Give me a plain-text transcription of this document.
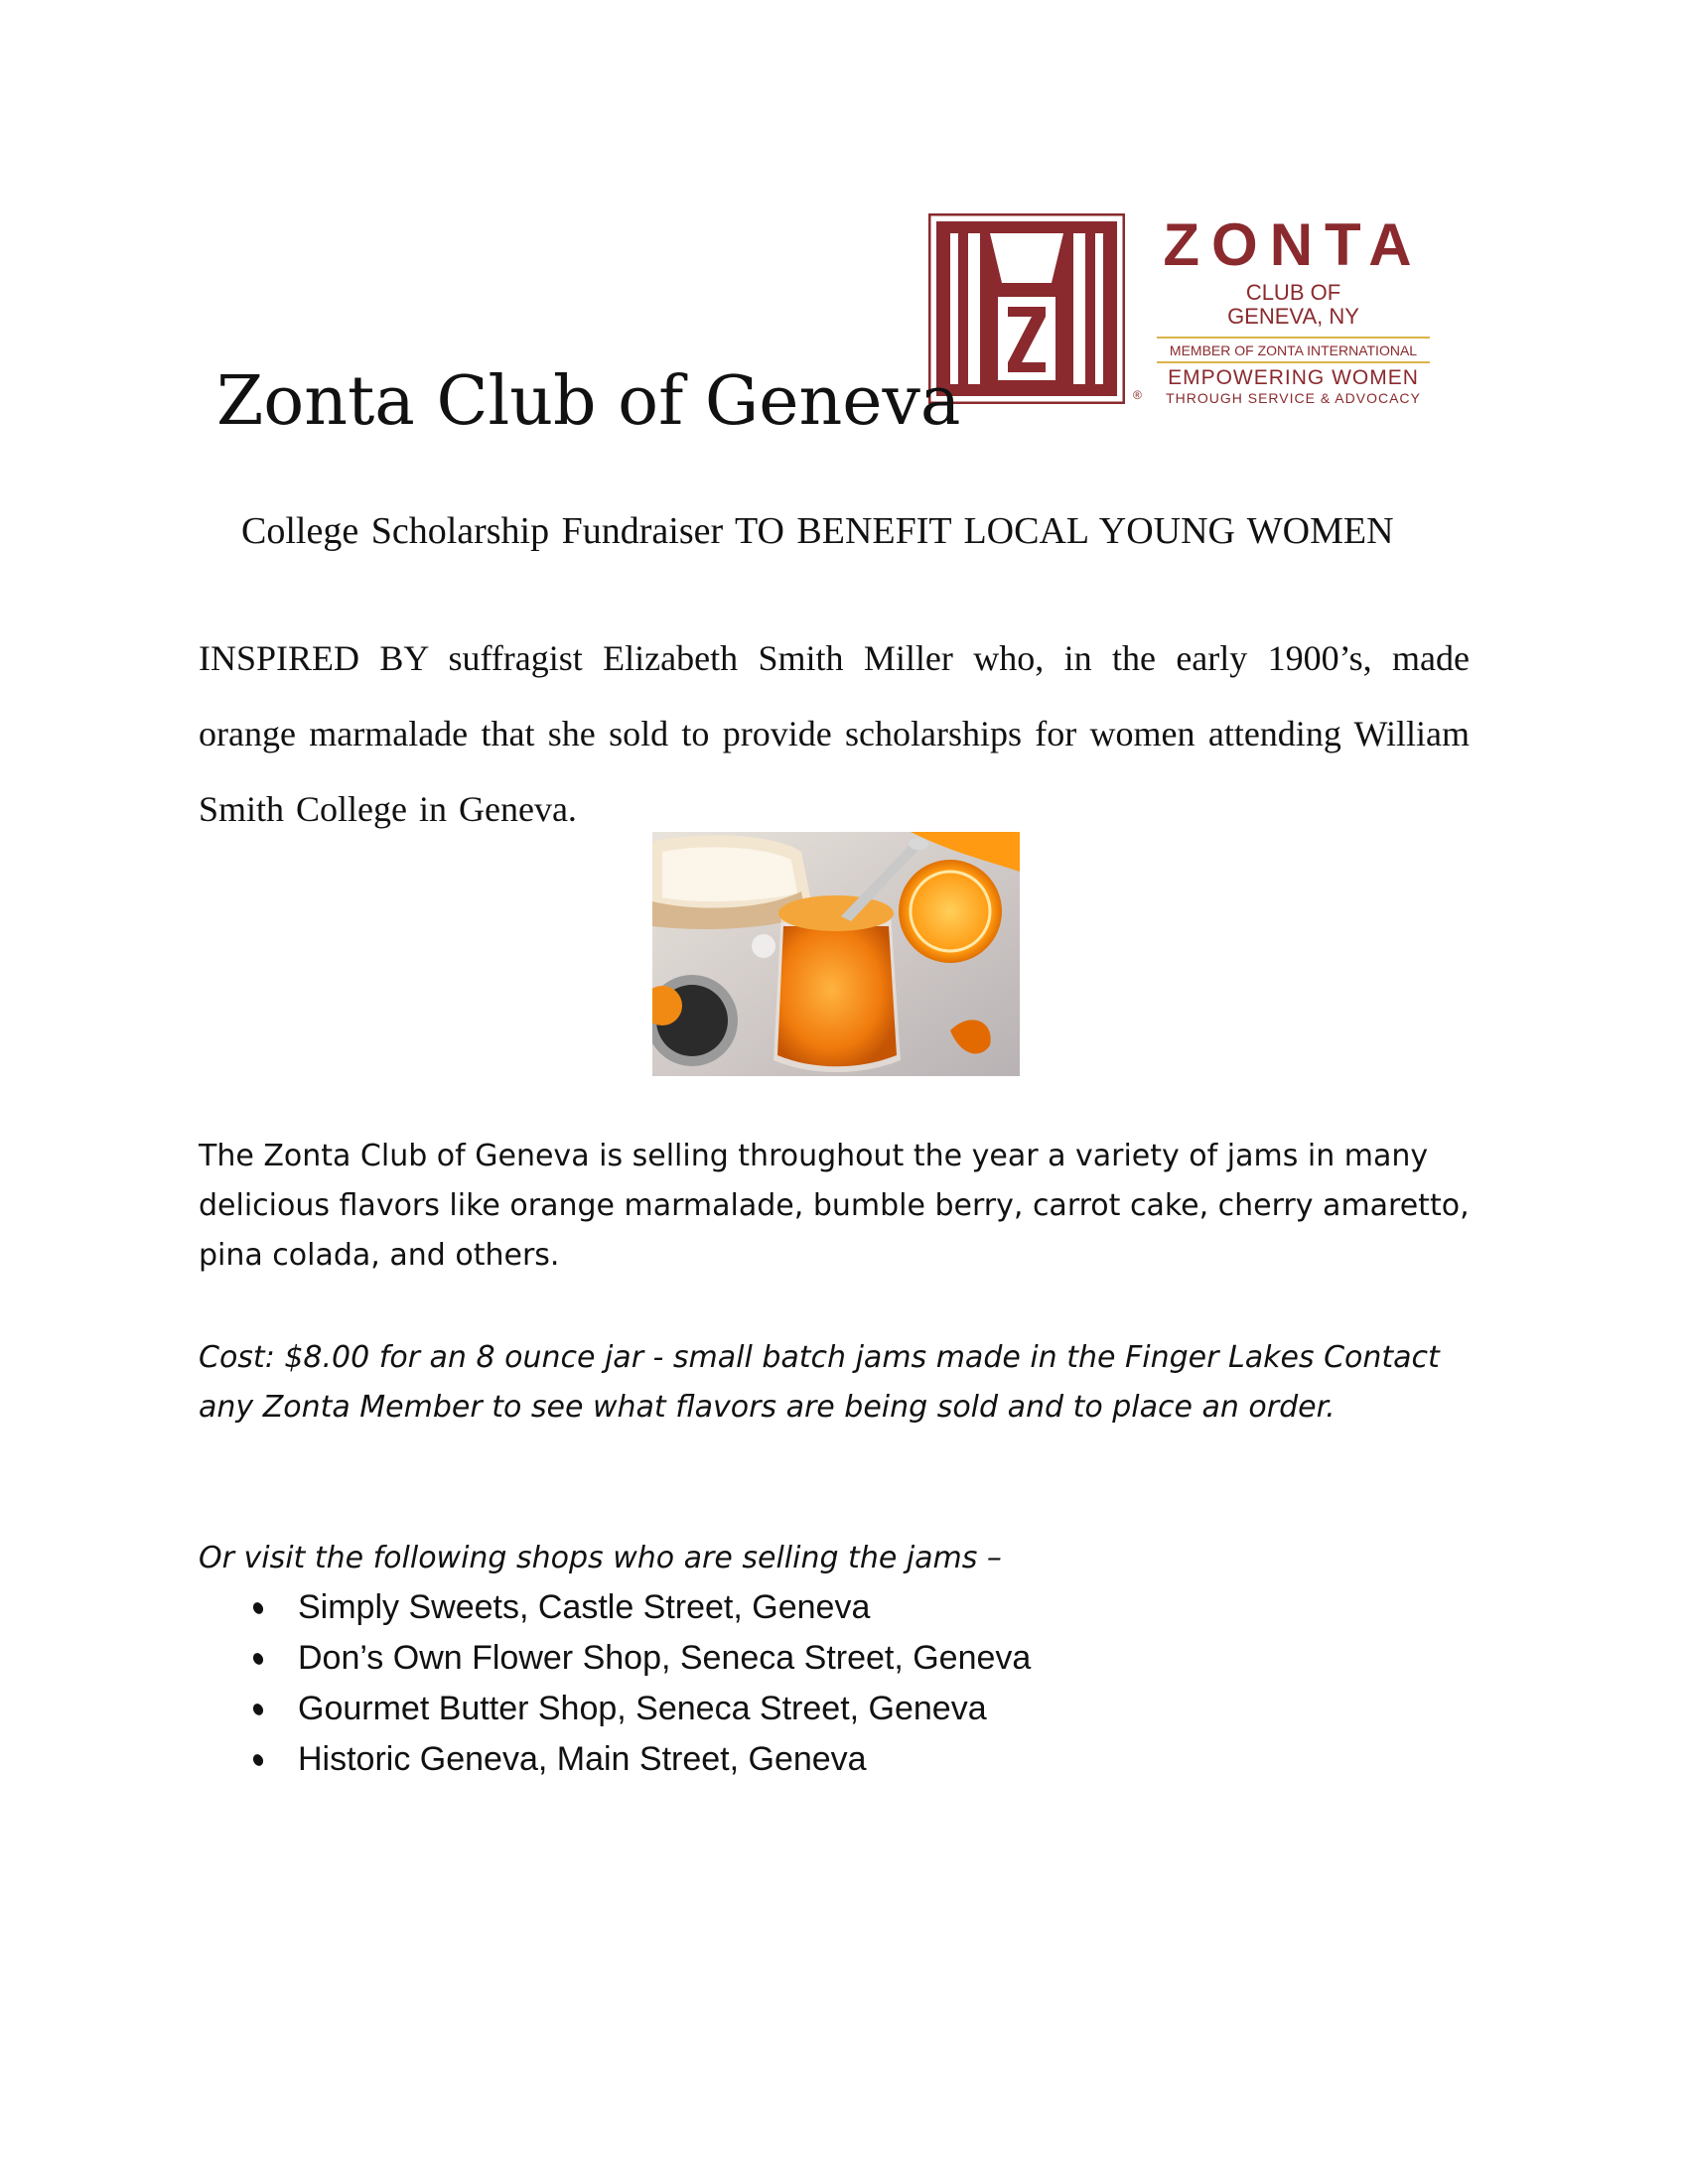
®
ZONTA
CLUB OF
GENEVA, NY
MEMBER OF ZONTA INTERNATIONAL
EMPOWERING WOMEN
THROUGH SERVICE & ADVOCACY
Zonta Club of Geneva

College Scholarship Fundraiser TO BENEFIT LOCAL YOUNG WOMEN

INSPIRED BY suffragist Elizabeth Smith Miller who, in the early 1900’s, made orange marmalade that she sold to provide scholarships for women attending William Smith College in Geneva.

The Zonta Club of Geneva is selling throughout the year a variety of jams in many delicious flavors like orange marmalade, bumble berry, carrot cake, cherry amaretto, pina colada, and others.

Cost: $8.00 for an 8 ounce jar - small batch jams made in the Finger Lakes Contact any Zonta Member to see what flavors are being sold and to place an order.

Or visit the following shops who are selling the jams –

Simply Sweets, Castle Street, Geneva
Don’s Own Flower Shop, Seneca Street, Geneva
Gourmet Butter Shop, Seneca Street, Geneva
Historic Geneva, Main Street, Geneva
